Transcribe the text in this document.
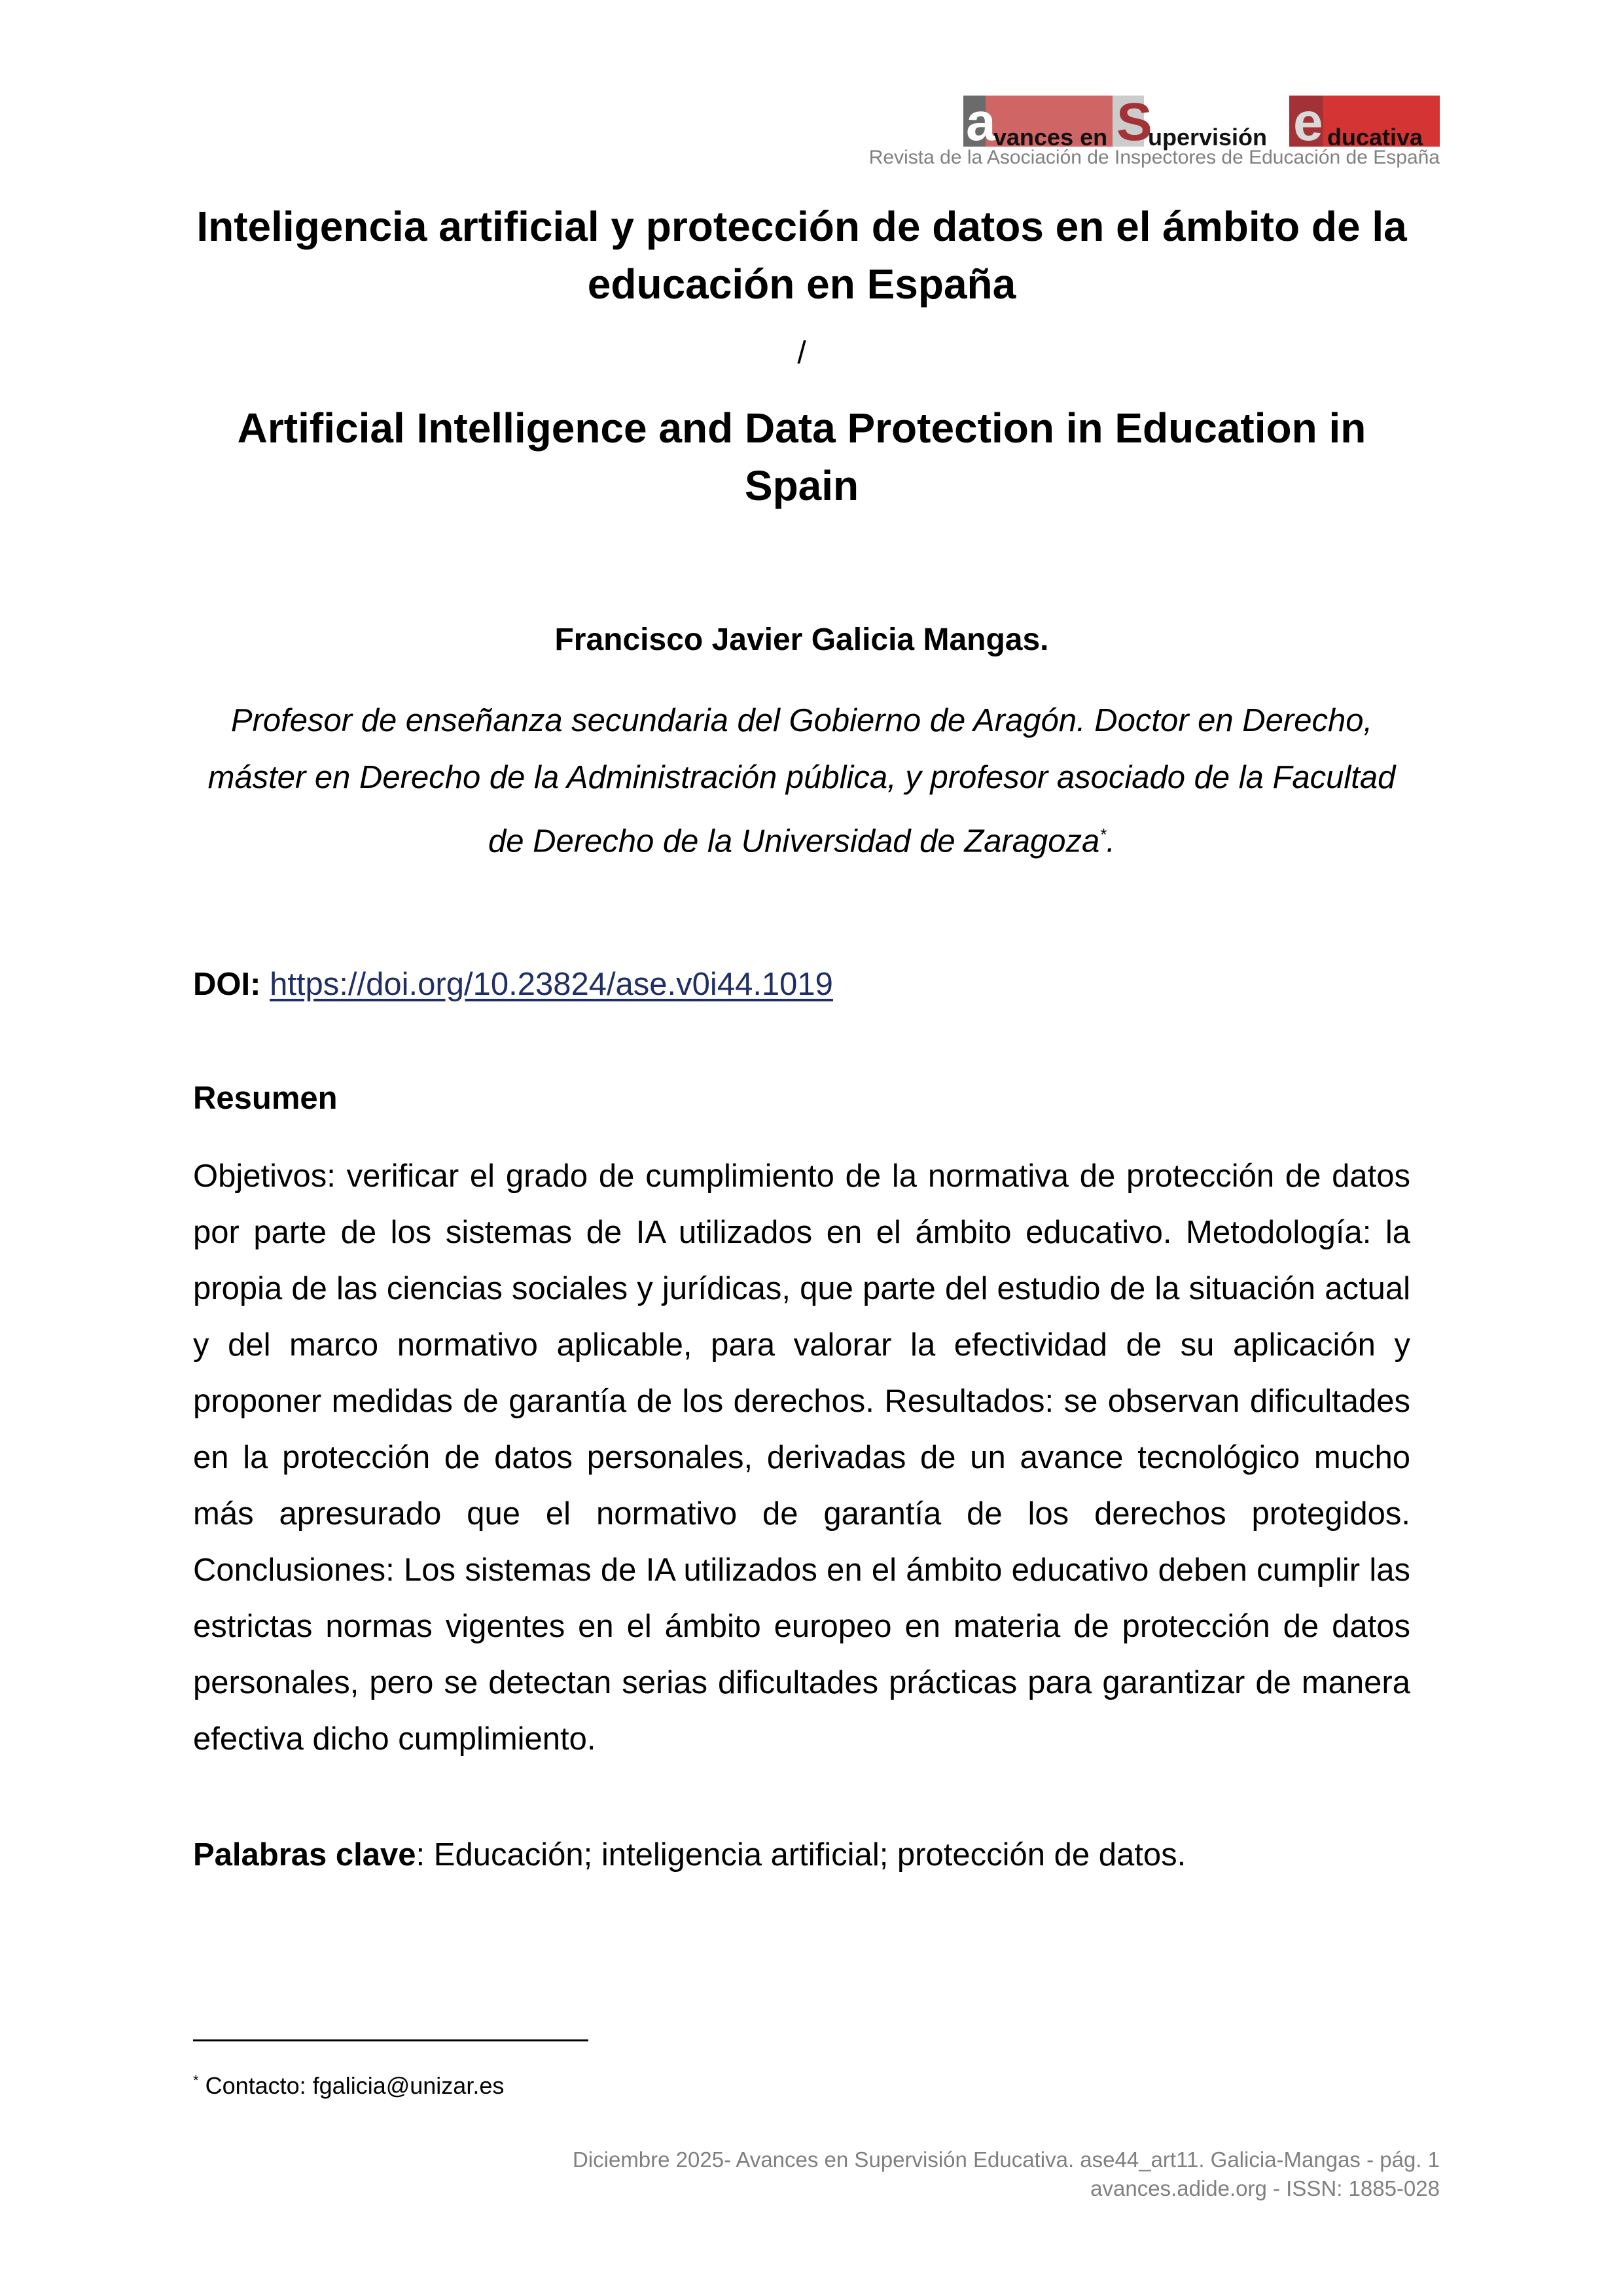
a
vances en S
upervisión e ducativa
Revista de la Asociación de Inspectores de Educación de España
Inteligencia artificial y protección de datos en el ámbito de la educación en España
/
Artificial Intelligence and Data Protection in Education in Spain
Francisco Javier Galicia Mangas.
Profesor de enseñanza secundaria del Gobierno de Aragón. Doctor en Derecho, máster en Derecho de la Administración pública, y profesor asociado de la Facultad de Derecho de la Universidad de Zaragoza*.
DOI: https://doi.org/10.23824/ase.v0i44.1019
Resumen
Objetivos: verificar el grado de cumplimiento de la normativa de protección de datos por parte de los sistemas de IA utilizados en el ámbito educativo. Metodología: la propia de las ciencias sociales y jurídicas, que parte del estudio de la situación actual y del marco normativo aplicable, para valorar la efectividad de su aplicación y proponer medidas de garantía de los derechos. Resultados: se observan dificultades en la protección de datos personales, derivadas de un avance tecnológico mucho más apresurado que el normativo de garantía de los derechos protegidos. Conclusiones: Los sistemas de IA utilizados en el ámbito educativo deben cumplir las estrictas normas vigentes en el ámbito europeo en materia de protección de datos personales, pero se detectan serias dificultades prácticas para garantizar de manera efectiva dicho cumplimiento.
Palabras clave: Educación; inteligencia artificial; protección de datos.
* Contacto: fgalicia@unizar.es
Diciembre 2025- Avances en Supervisión Educativa. ase44_art11. Galicia-Mangas - pág. 1
avances.adide.org - ISSN: 1885-028
